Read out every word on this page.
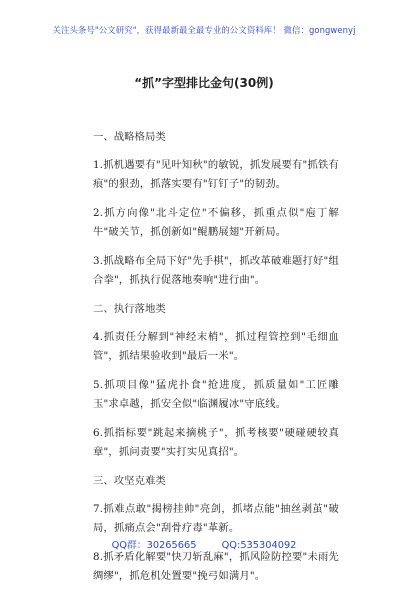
关注头条号"公文研究"，获得最新最全最专业的公文资料库！ 微信：gongwenyj
“抓”字型排比金句(30例)
一、战略格局类
1.抓机遇要有"见叶知秋"的敏锐，抓发展要有"抓铁有痕"的狠劲，抓落实要有"钉钉子"的韧劲。
2.抓方向像"北斗定位"不偏移，抓重点似"庖丁解牛"破关节，抓创新如"鲲鹏展翅"开新局。
3.抓战略布全局下好"先手棋"，抓改革破难题打好"组合拳"，抓执行促落地奏响"进行曲"。
二、执行落地类
4.抓责任分解到"神经末梢"，抓过程管控到"毛细血管"，抓结果验收到"最后一米"。
5.抓项目像"猛虎扑食"抢进度，抓质量如"工匠雕玉"求卓越，抓安全似"临渊履冰"守底线。
6.抓指标要"跳起来摘桃子"，抓考核要"硬碰硬较真章"，抓问责要"实打实见真招"。
三、攻坚克难类
7.抓难点敢"揭榜挂帅"亮剑，抓堵点能"抽丝剥茧"破局，抓痛点会"刮骨疗毒"革新。
8.抓矛盾化解要"快刀斩乱麻"，抓风险防控要"未雨先绸缪"，抓危机处置要"挽弓如满月"。
QQ群：30265665	QQ:535304092
